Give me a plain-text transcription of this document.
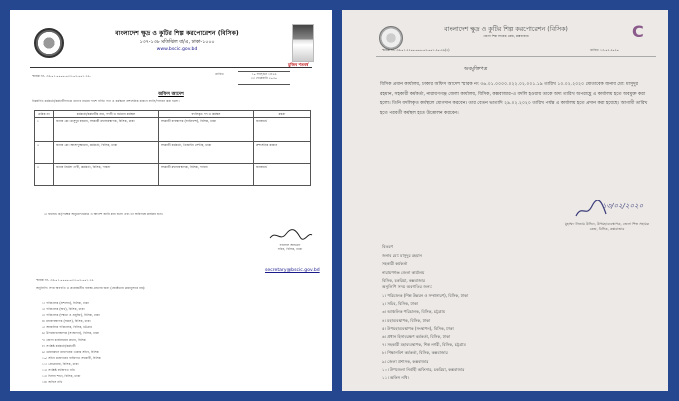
বাংলাদেশ ক্ষুদ্র ও কুটির শিল্প করপোরেশন (বিসিক)
১৩৭-১৩৮ মতিঝিল বা/এ, ঢাকা-১০০০
www.bscic.gov.bd
মুজিব শতবর্ষ
স্মারক নং- ৩৬.০১.০০০০.০২২.০২.০০১.১৯-	তারিখ:	১০ ফাল্গুন ১৪২৬
২৩ ফেব্রুয়ারি ২০২০
অফিস আদেশ
নিম্নবর্ণিত কর্মকর্তা/কর্মচারীগণকে তাদের নামের পাশে বর্ণিত পদে ও কর্মস্থলে প্রশাসনিক কারণে বদলি/পদায়ন করা হলো।
ক্রমিক নং	কর্মকর্তা/কর্মচারীর নাম, পদবী ও বর্তমান কর্মস্থল	বদলিকৃত পদ ও কর্মস্থল	মন্তব্য
১	জনাব মো: মাসুদুর রহমান, সহকারী মহাব্যবস্থাপক, বিসিক, ঢাকা	সহকারী ব্যবস্থাপক (ফাইন্যান্স), বিসিক, ঢাকা	জনস্বার্থে
২	জনাব মো: আসাদুজ্জামান, কর্মকর্তা, বিসিক, ঢাকা	সহকারী কর্মকর্তা, ডিজাইন সেন্টার, ঢাকা	প্রশাসনিক কারণে
৩	জনাব নির্মলা দেবী, কর্মকর্তা, বিসিক, পাবনা	সহকারী মহাব্যবস্থাপক, বিসিক, পাবনা	জনস্বার্থে
২। যথাযথ কর্তৃপক্ষের অনুমোদনক্রমে এ আদেশ জারি করা হলো এবং তা অবিলম্বে কার্যকর হবে।
ফয়সাল আহমেদ
সচিব, বিসিক, ঢাকা
secretary@bscic.gov.bd
স্মারক নং- ৩৬.০১.০০০০.০২২.০২.০০১.১৯
অনুলিপি: সদয় অবগতি ও প্রয়োজনীয় ব্যবস্থা গ্রহণের জন্য (জ্যেষ্ঠতার ক্রমানুসারে নয়):
১। পরিচালক (প্রশাসন), বিসিক, ঢাকা
২। পরিচালক (অর্থ), বিসিক, ঢাকা
৩। পরিচালক (দক্ষতা ও প্রযুক্তি), বিসিক, ঢাকা
৪। মহাব্যবস্থাপক (সকল), বিসিক, ঢাকা
৫। আঞ্চলিক পরিচালক, বিসিক, চট্টগ্রাম
৬। উপমহাব্যবস্থাপক (সংস্থাপন), বিসিক, ঢাকা
৭। জেলা কার্যালয়ের প্রধান, বিসিক
৮। সংশ্লিষ্ট কর্মকর্তা/কর্মচারী
৯। চেয়ারম্যান মহোদয়ের একান্ত সচিব, বিসিক
১০। সচিব মহোদয়ের ব্যক্তিগত সহকারী, বিসিক
১১। প্রোগ্রামার, বিসিক, ঢাকা
১২। সংশ্লিষ্ট ব্যক্তিগত নথি
১৩। হিসাব শাখা, বিসিক, ঢাকা
১৪। অফিস নথি
বাংলাদেশ ক্ষুদ্র ও কুটির শিল্প করপোরেশন (বিসিক)
জেলা শিল্প সহায়ক কেন্দ্র, কক্সবাজার	C
স্মারক নং- ৩৬.০১.২২০০.০০০.০২.০০১.২০-২৯(২)	তারিখ: ১৩.০২.২০২০
অবমুক্তিপত্র
বিসিক প্রধান কার্যালয়, ঢাকার অফিস আদেশ স্মারক নং ৩৬.০১.০০০০.০২২.০২.০০১.১৯ তারিখ ১০.০২.২০২০ মোতাবেক জনাব মো: মাসুদুর রহমান, সহকারী কর্মকর্তা, নারায়ণগঞ্জ জেলা কার্যালয়, বিসিক, কক্সবাজার-এ বদলি হওয়ায় তাকে অদ্য তারিখ অপরাহ্ণে এ কার্যালয় হতে অবমুক্ত করা হলো। তিনি বদলিকৃত কর্মস্থলে যোগদান করবেন। তার বেতন ভাতাদি ২৯.০২.২০২০ তারিখ পর্যন্ত এ কার্যালয় হতে প্রদান করা হয়েছে। আগামী তারিখ হতে পরবর্তী কর্মস্থল হতে উত্তোলন করবেন।
১৩/০২/২০২০
মুহাম্মদ নিজাম উদ্দিন, উপমহাব্যবস্থাপক, জেলা শিল্প সহায়ক কেন্দ্র, বিসিক, কক্সবাজার
বিতরণ
জনাব মো: মাসুদুর রহমান
সহকারী কর্মকর্তা
নারায়ণগঞ্জ জেলা কার্যালয়
বিসিক, চকরিয়া, কক্সবাজার
অনুলিপি সদয় অবগতির জন্য:
১। পরিচালক (শিল্প উন্নয়ন ও সম্প্রসারণ), বিসিক, ঢাকা
২। সচিব, বিসিক, ঢাকা
৩। আঞ্চলিক পরিচালক, বিসিক, চট্টগ্রাম
৪। মহাব্যবস্থাপক, বিসিক, ঢাকা
৫। উপমহাব্যবস্থাপক (সংস্থাপন), বিসিক, ঢাকা
৬। প্রধান হিসাবরক্ষণ কর্মকর্তা, বিসিক, ঢাকা
৭। সহকারী মহাব্যবস্থাপক, শিল্প নগরী, বিসিক, চট্টগ্রাম
৮। শিক্ষানবিশ কর্মকর্তা, বিসিক, কক্সবাজার
৯। জেলা প্রশাসক, কক্সবাজার
১০। উপজেলা নির্বাহী অফিসার, চকরিয়া, কক্সবাজার
১১। অফিস নথি।
